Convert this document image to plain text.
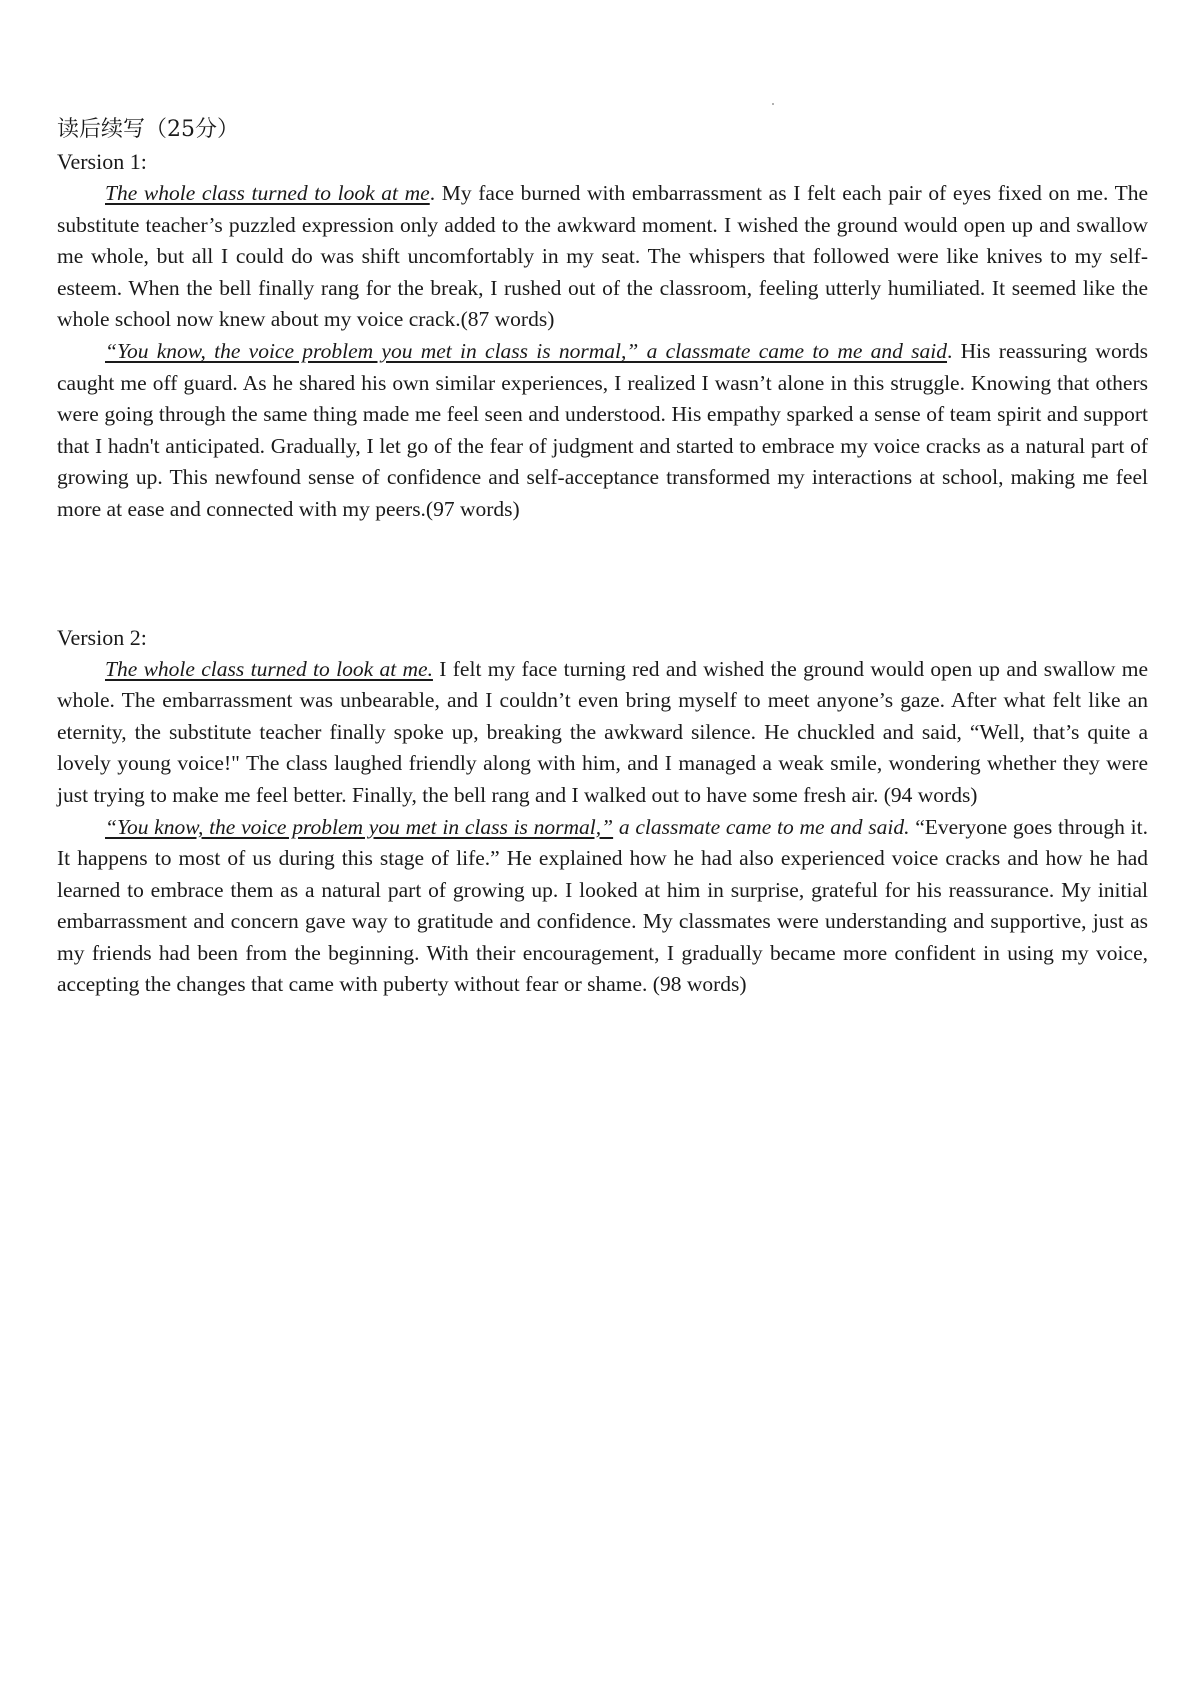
读后续写（25分）

Version 1:

The whole class turned to look at me. My face burned with embarrassment as I felt each pair of eyes fixed on me. The substitute teacher’s puzzled expression only added to the awkward moment. I wished the ground would open up and swallow me whole, but all I could do was shift uncomfortably in my seat. The whispers that followed were like knives to my self-esteem. When the bell finally rang for the break, I rushed out of the classroom, feeling utterly humiliated. It seemed like the whole school now knew about my voice crack.(87 words)

“You know, the voice problem you met in class is normal,” a classmate came to me and said. His reassuring words caught me off guard. As he shared his own similar experiences, I realized I wasn’t alone in this struggle. Knowing that others were going through the same thing made me feel seen and understood. His empathy sparked a sense of team spirit and support that I hadn't anticipated. Gradually, I let go of the fear of judgment and started to embrace my voice cracks as a natural part of growing up. This newfound sense of confidence and self-acceptance transformed my interactions at school, making me feel more at ease and connected with my peers.(97 words)

Version 2:

The whole class turned to look at me. I felt my face turning red and wished the ground would open up and swallow me whole. The embarrassment was unbearable, and I couldn’t even bring myself to meet anyone’s gaze. After what felt like an eternity, the substitute teacher finally spoke up, breaking the awkward silence. He chuckled and said, “Well, that’s quite a lovely young voice!" The class laughed friendly along with him, and I managed a weak smile, wondering whether they were just trying to make me feel better. Finally, the bell rang and I walked out to have some fresh air. (94 words)

“You know, the voice problem you met in class is normal,” a classmate came to me and said. “Everyone goes through it. It happens to most of us during this stage of life.” He explained how he had also experienced voice cracks and how he had learned to embrace them as a natural part of growing up. I looked at him in surprise, grateful for his reassurance. My initial embarrassment and concern gave way to gratitude and confidence. My classmates were understanding and supportive, just as my friends had been from the beginning. With their encouragement, I gradually became more confident in using my voice, accepting the changes that came with puberty without fear or shame. (98 words)
